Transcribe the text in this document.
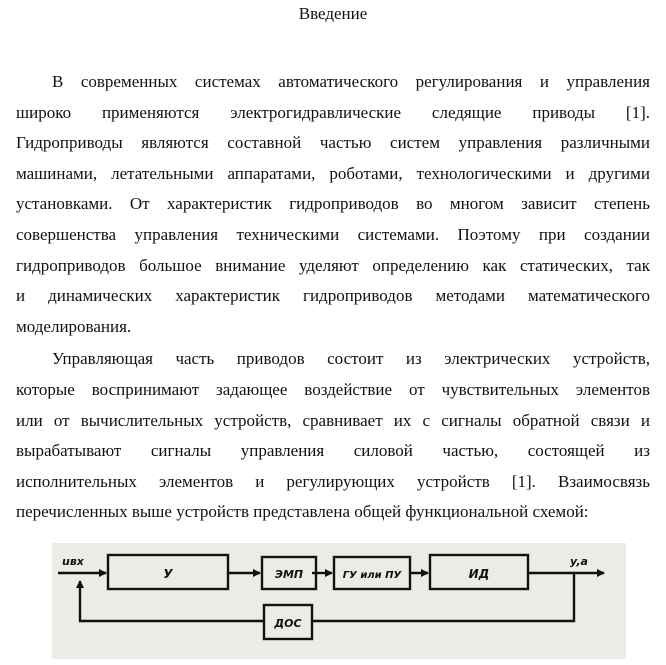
Введение
В современных системах автоматического регулирования и управления
широко применяются электрогидравлические следящие приводы [1].
Гидроприводы являются составной частью систем управления различными
машинами, летательными аппаратами, роботами, технологическими и другими
установками. От характеристик гидроприводов во многом зависит степень
совершенства управления техническими системами. Поэтому при создании
гидроприводов большое внимание уделяют определению как статических, так
и динамических характеристик гидроприводов методами математического
моделирования.
Управляющая часть приводов состоит из электрических устройств,
которые воспринимают задающее воздействие от чувствительных элементов
или от вычислительных устройств, сравнивает их с сигналы обратной связи и
вырабатывают сигналы управления силовой частью, состоящей из
исполнительных элементов и регулирующих устройств [1]. Взаимосвязь
перечисленных выше устройств представлена общей функциональной схемой:
uвх
У	ЭМП	ГУ или ПУ	ИД
y,a
ДОС
